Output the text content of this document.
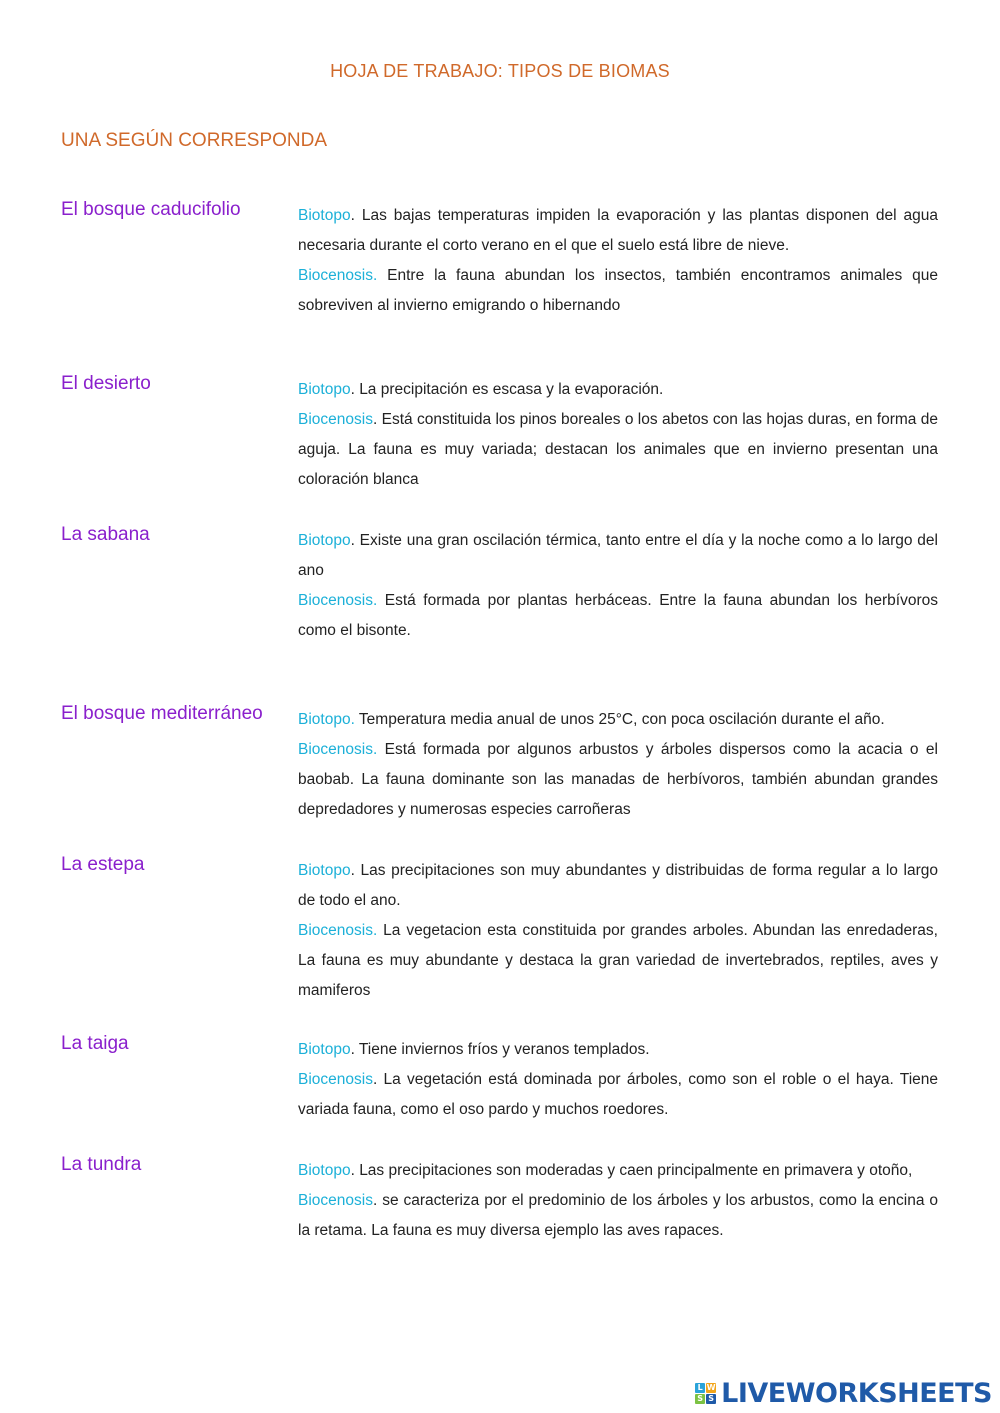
HOJA DE TRABAJO: TIPOS DE BIOMAS
UNA SEGÚN CORRESPONDA
El bosque caducifolio	Biotopo. Las bajas temperaturas impiden la evaporación y las plantas disponen del agua necesaria durante el corto verano en el que el suelo está libre de nieve.

Biocenosis. Entre la fauna abundan los insectos, también encontramos animales que sobreviven al invierno emigrando o hibernando

El desierto	Biotopo. La precipitación es escasa y la evaporación.

Biocenosis. Está constituida los pinos boreales o los abetos con las hojas duras, en forma de aguja. La fauna es muy variada; destacan los animales que en invierno presentan una coloración blanca

La sabana	Biotopo. Existe una gran oscilación térmica, tanto entre el día y la noche como a lo largo del ano

Biocenosis. Está formada por plantas herbáceas. Entre la fauna abundan los herbívoros como el bisonte.

El bosque mediterráneo Biotopo. Temperatura media anual de unos 25°C, con poca oscilación durante el año.

Biocenosis. Está formada por algunos arbustos y árboles dispersos como la acacia o el baobab. La fauna dominante son las manadas de herbívoros, también abundan grandes depredadores y numerosas especies carroñeras

La estepa	Biotopo. Las precipitaciones son muy abundantes y distribuidas de forma regular a lo largo de todo el ano.

Biocenosis. La vegetacion esta constituida por grandes arboles. Abundan las enredaderas, La fauna es muy abundante y destaca la gran variedad de invertebrados, reptiles, aves y mamiferos

La taiga	Biotopo. Tiene inviernos fríos y veranos templados.

Biocenosis. La vegetación está dominada por árboles, como son el roble o el haya. Tiene variada fauna, como el oso pardo y muchos roedores.

La tundra	Biotopo. Las precipitaciones son moderadas y caen principalmente en primavera y otoño,

Biocenosis. se caracteriza por el predominio de los árboles y los arbustos, como la encina o la retama. La fauna es muy diversa ejemplo las aves rapaces.

L W
S S LIVEWORKSHEETS
